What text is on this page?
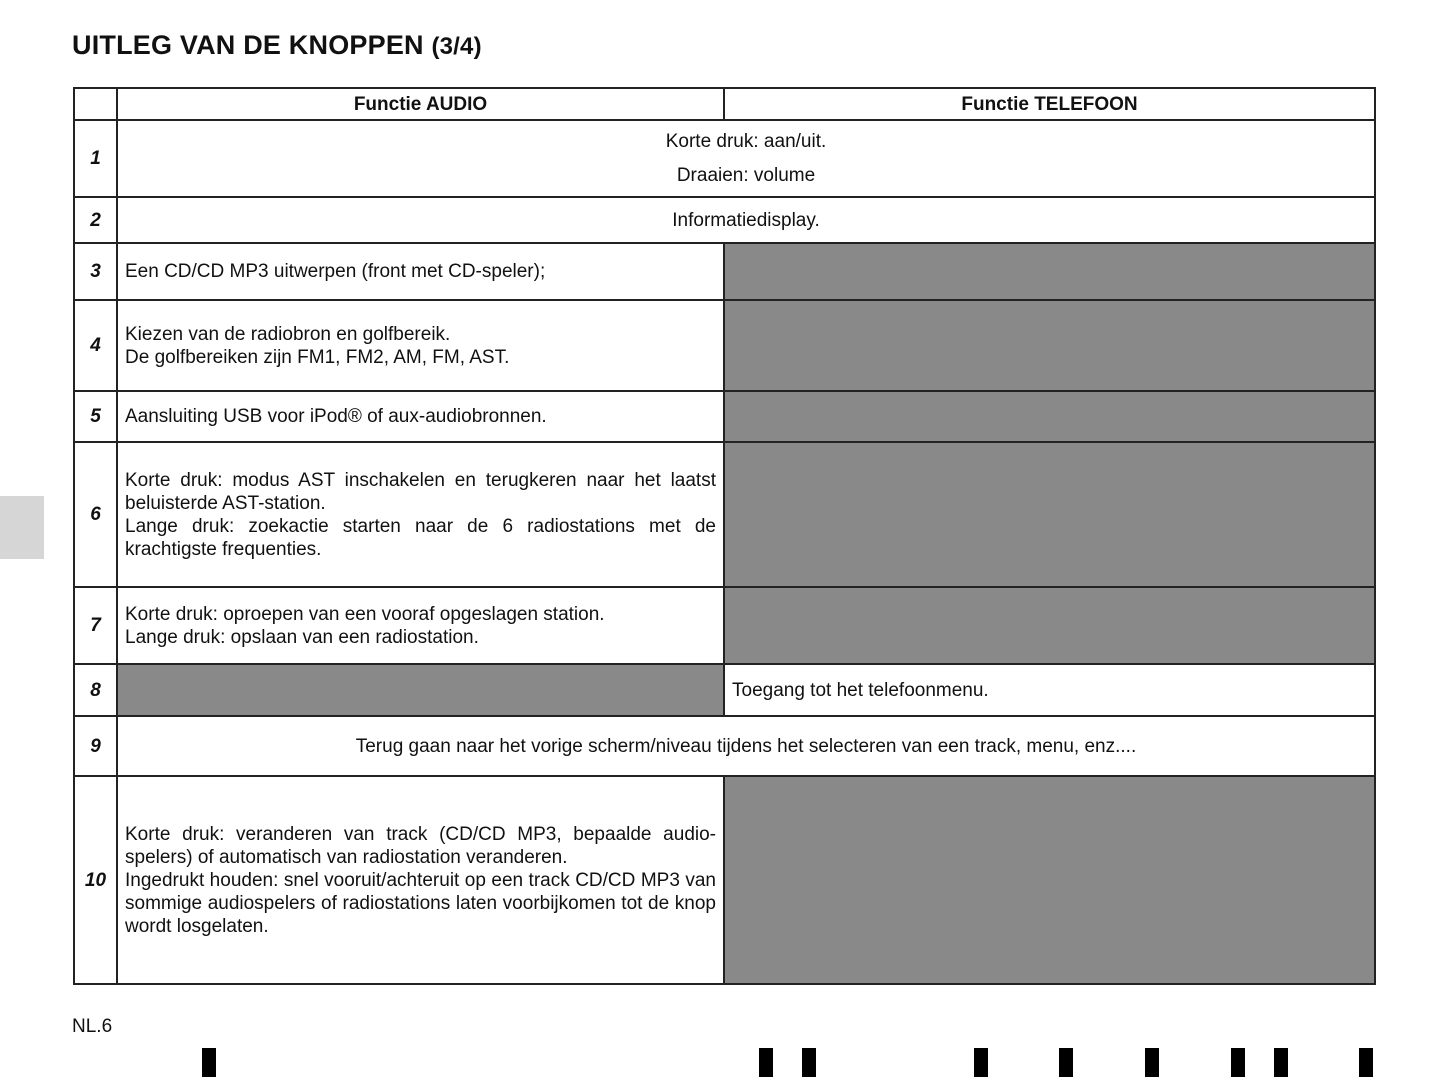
UITLEG VAN DE KNOPPEN (3/4)
	Functie AUDIO	Functie TELEFOON
1	Korte druk: aan/uit.
Draaien: volume	

2	Informatiedisplay.	
3	Een CD/CD MP3 uitwerpen (front met CD-speler);	

4	Kiezen van de radiobron en golfbereik.
De golfbereiken zijn FM1, FM2, AM, FM, AST.	

5	Aansluiting USB voor iPod® of aux-audiobronnen.	

6	Korte druk: modus AST inschakelen en terugkeren naar het laatst beluisterde AST-station.
Lange druk: zoekactie starten naar de 6 radiostations met de krachtigste frequenties.	

7	Korte druk: oproepen van een vooraf opgeslagen station.
Lange druk: opslaan van een radiostation.	

8		Toegang tot het telefoonmenu.
9	Terug gaan naar het vorige scherm/niveau tijdens het selecteren van een track, menu, enz....	
10	Korte druk: veranderen van track (CD/CD MP3, bepaalde audio-spelers) of automatisch van radiostation veranderen.
Ingedrukt houden: snel vooruit/achteruit op een track CD/CD MP3 van sommige audiospelers of radiostations laten voorbijkomen tot de knop wordt losgelaten.	

NL.6
